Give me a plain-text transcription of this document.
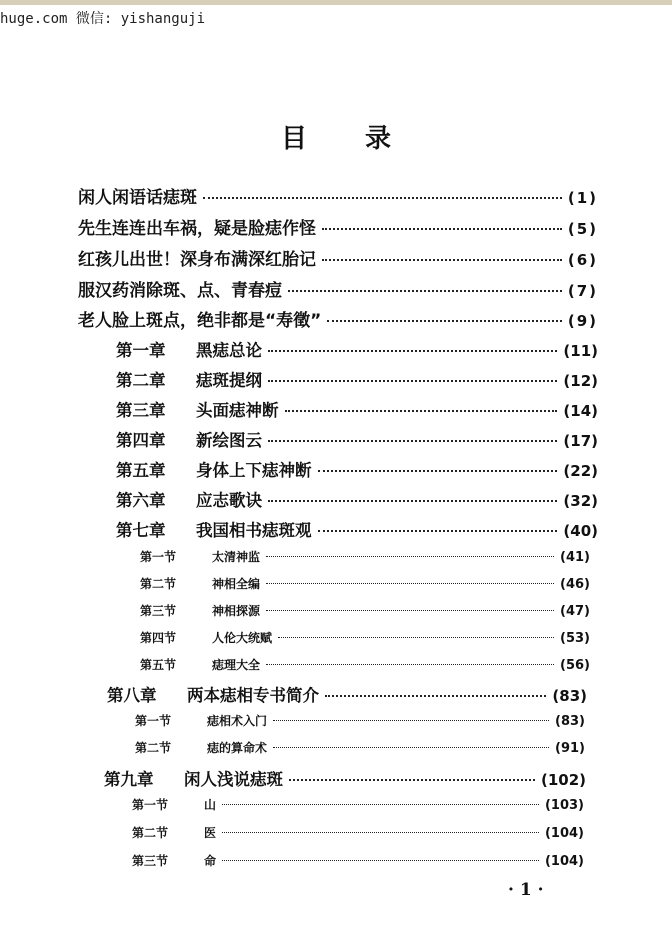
huge.com 微信: yishanguji
目录
闲人闲语话痣斑	(1)
先生连连出车祸，疑是脸痣作怪	(5)
红孩儿出世！深身布满深红胎记	(6)
服汉药消除斑、点、青春痘	(7)
老人脸上斑点，绝非都是“寿徵”	(9)
第一章 黑痣总论	(11)
第二章 痣斑提纲	(12)
第三章 头面痣神断	(14)
第四章 新绘图云	(17)
第五章 身体上下痣神断	(22)
第六章 应志歌诀	(32)
第七章 我国相书痣斑观	(40)
第一节	太清神监	(41)
第二节	神相全编	(46)
第三节	神相探源	(47)
第四节	人伦大统赋	(53)
第五节	痣理大全	(56)
第八章 两本痣相专书简介	(83)
第一节	痣相术入门	(83)
第二节	痣的算命术	(91)
第九章 闲人浅说痣斑	(102)
第一节	山	(103)
第二节	医	(104)
第三节	命	(104)
· 1 ·
